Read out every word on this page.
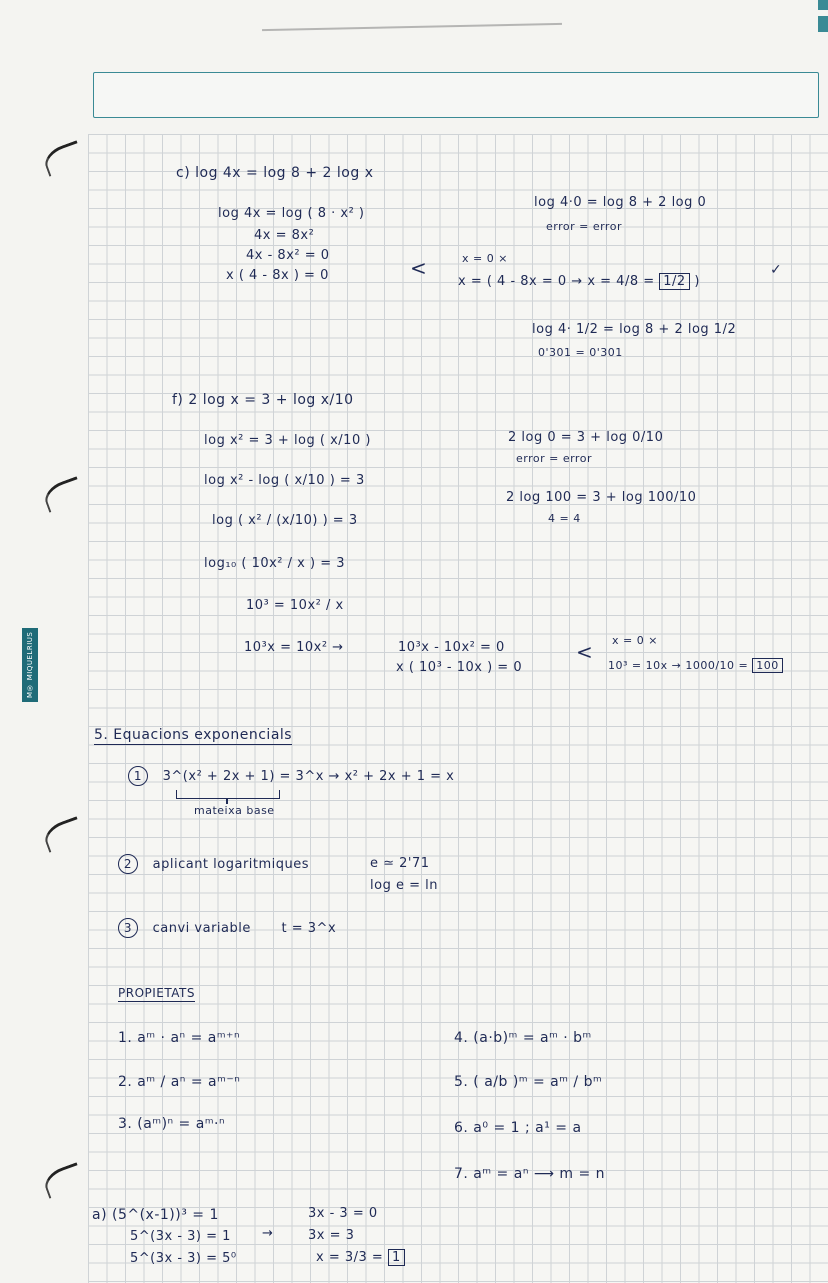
M® MIQUELRIUS
c) log 4x = log 8 + 2 log x
log 4x = log ( 8 · x² )
4x = 8x²
4x - 8x² = 0
x ( 4 - 8x ) = 0	<	x = 0 ×
x = ( 4 - 8x = 0 → x = 4/8 = 1/2 )
✓
log 4·0 = log 8 + 2 log 0
error = error
log 4· 1/2 = log 8 + 2 log 1/2
0'301 = 0'301
f) 2 log x = 3 + log x/10
log x² = 3 + log ( x/10 )
log x² - log ( x/10 ) = 3
log ( x² / (x/10) ) = 3
log₁₀ ( 10x² / x ) = 3
10³ = 10x² / x
10³x = 10x² →	10³x - 10x² = 0
x ( 10³ - 10x ) = 0
< x = 0 ×
10³ = 10x → 1000/10 = 100
2 log 0 = 3 + log 0/10
error = error
2 log 100 = 3 + log 100/10
4 = 4
5. Equacions exponencials
1 3^(x² + 2x + 1) = 3^x → x² + 2x + 1 = x
mateixa base
2 aplicant logaritmiques	e ≃ 2'71
log e = ln
3 canvi variable t = 3^x
PROPIETATS
1. aᵐ · aⁿ = aᵐ⁺ⁿ
2. aᵐ / aⁿ = aᵐ⁻ⁿ
3. (aᵐ)ⁿ = aᵐ·ⁿ
4. (a·b)ᵐ = aᵐ · bᵐ
5. ( a/b )ᵐ = aᵐ / bᵐ
6. a⁰ = 1 ; a¹ = a
7. aᵐ = aⁿ ⟶ m = n
a) (5^(x-1))³ = 1
5^(3x - 3) = 1
5^(3x - 3) = 5⁰
→
3x - 3 = 0
3x = 3
x = 3/3 = 1
